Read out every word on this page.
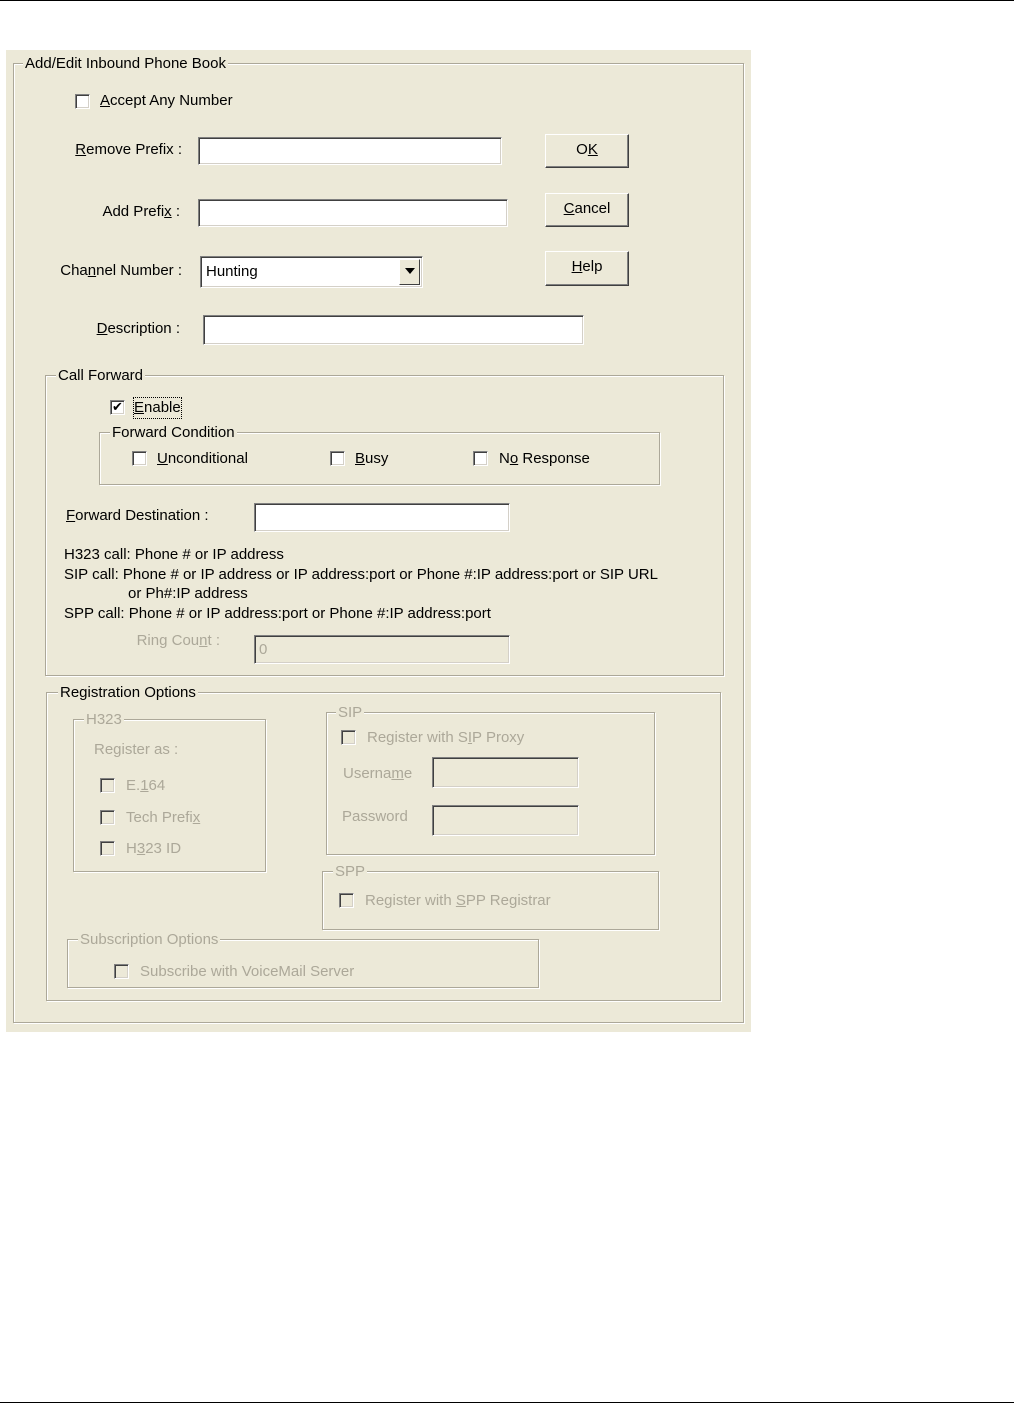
Add/Edit Inbound Phone Book
Accept Any Number
Remove Prefix :
Add Prefix :
Channel Number : Hunting
Description :
OK
Cancel
Help
Call Forward
✔ Enable
Forward Condition
Unconditional	Busy	No Response
Forward Destination :
H323 call: Phone # or IP address
SIP call: Phone # or IP address or IP address:port or Phone #:IP address:port or SIP URL
or Ph#:IP address
SPP call: Phone # or IP address:port or Phone #:IP address:port
Ring Count :
0
Registration Options
H323
Register as :
E.164
Tech Prefix
H323 ID
SIP
Register with SIP Proxy
Username
Password
SPP
Register with SPP Registrar
Subscription Options
Subscribe with VoiceMail Server
